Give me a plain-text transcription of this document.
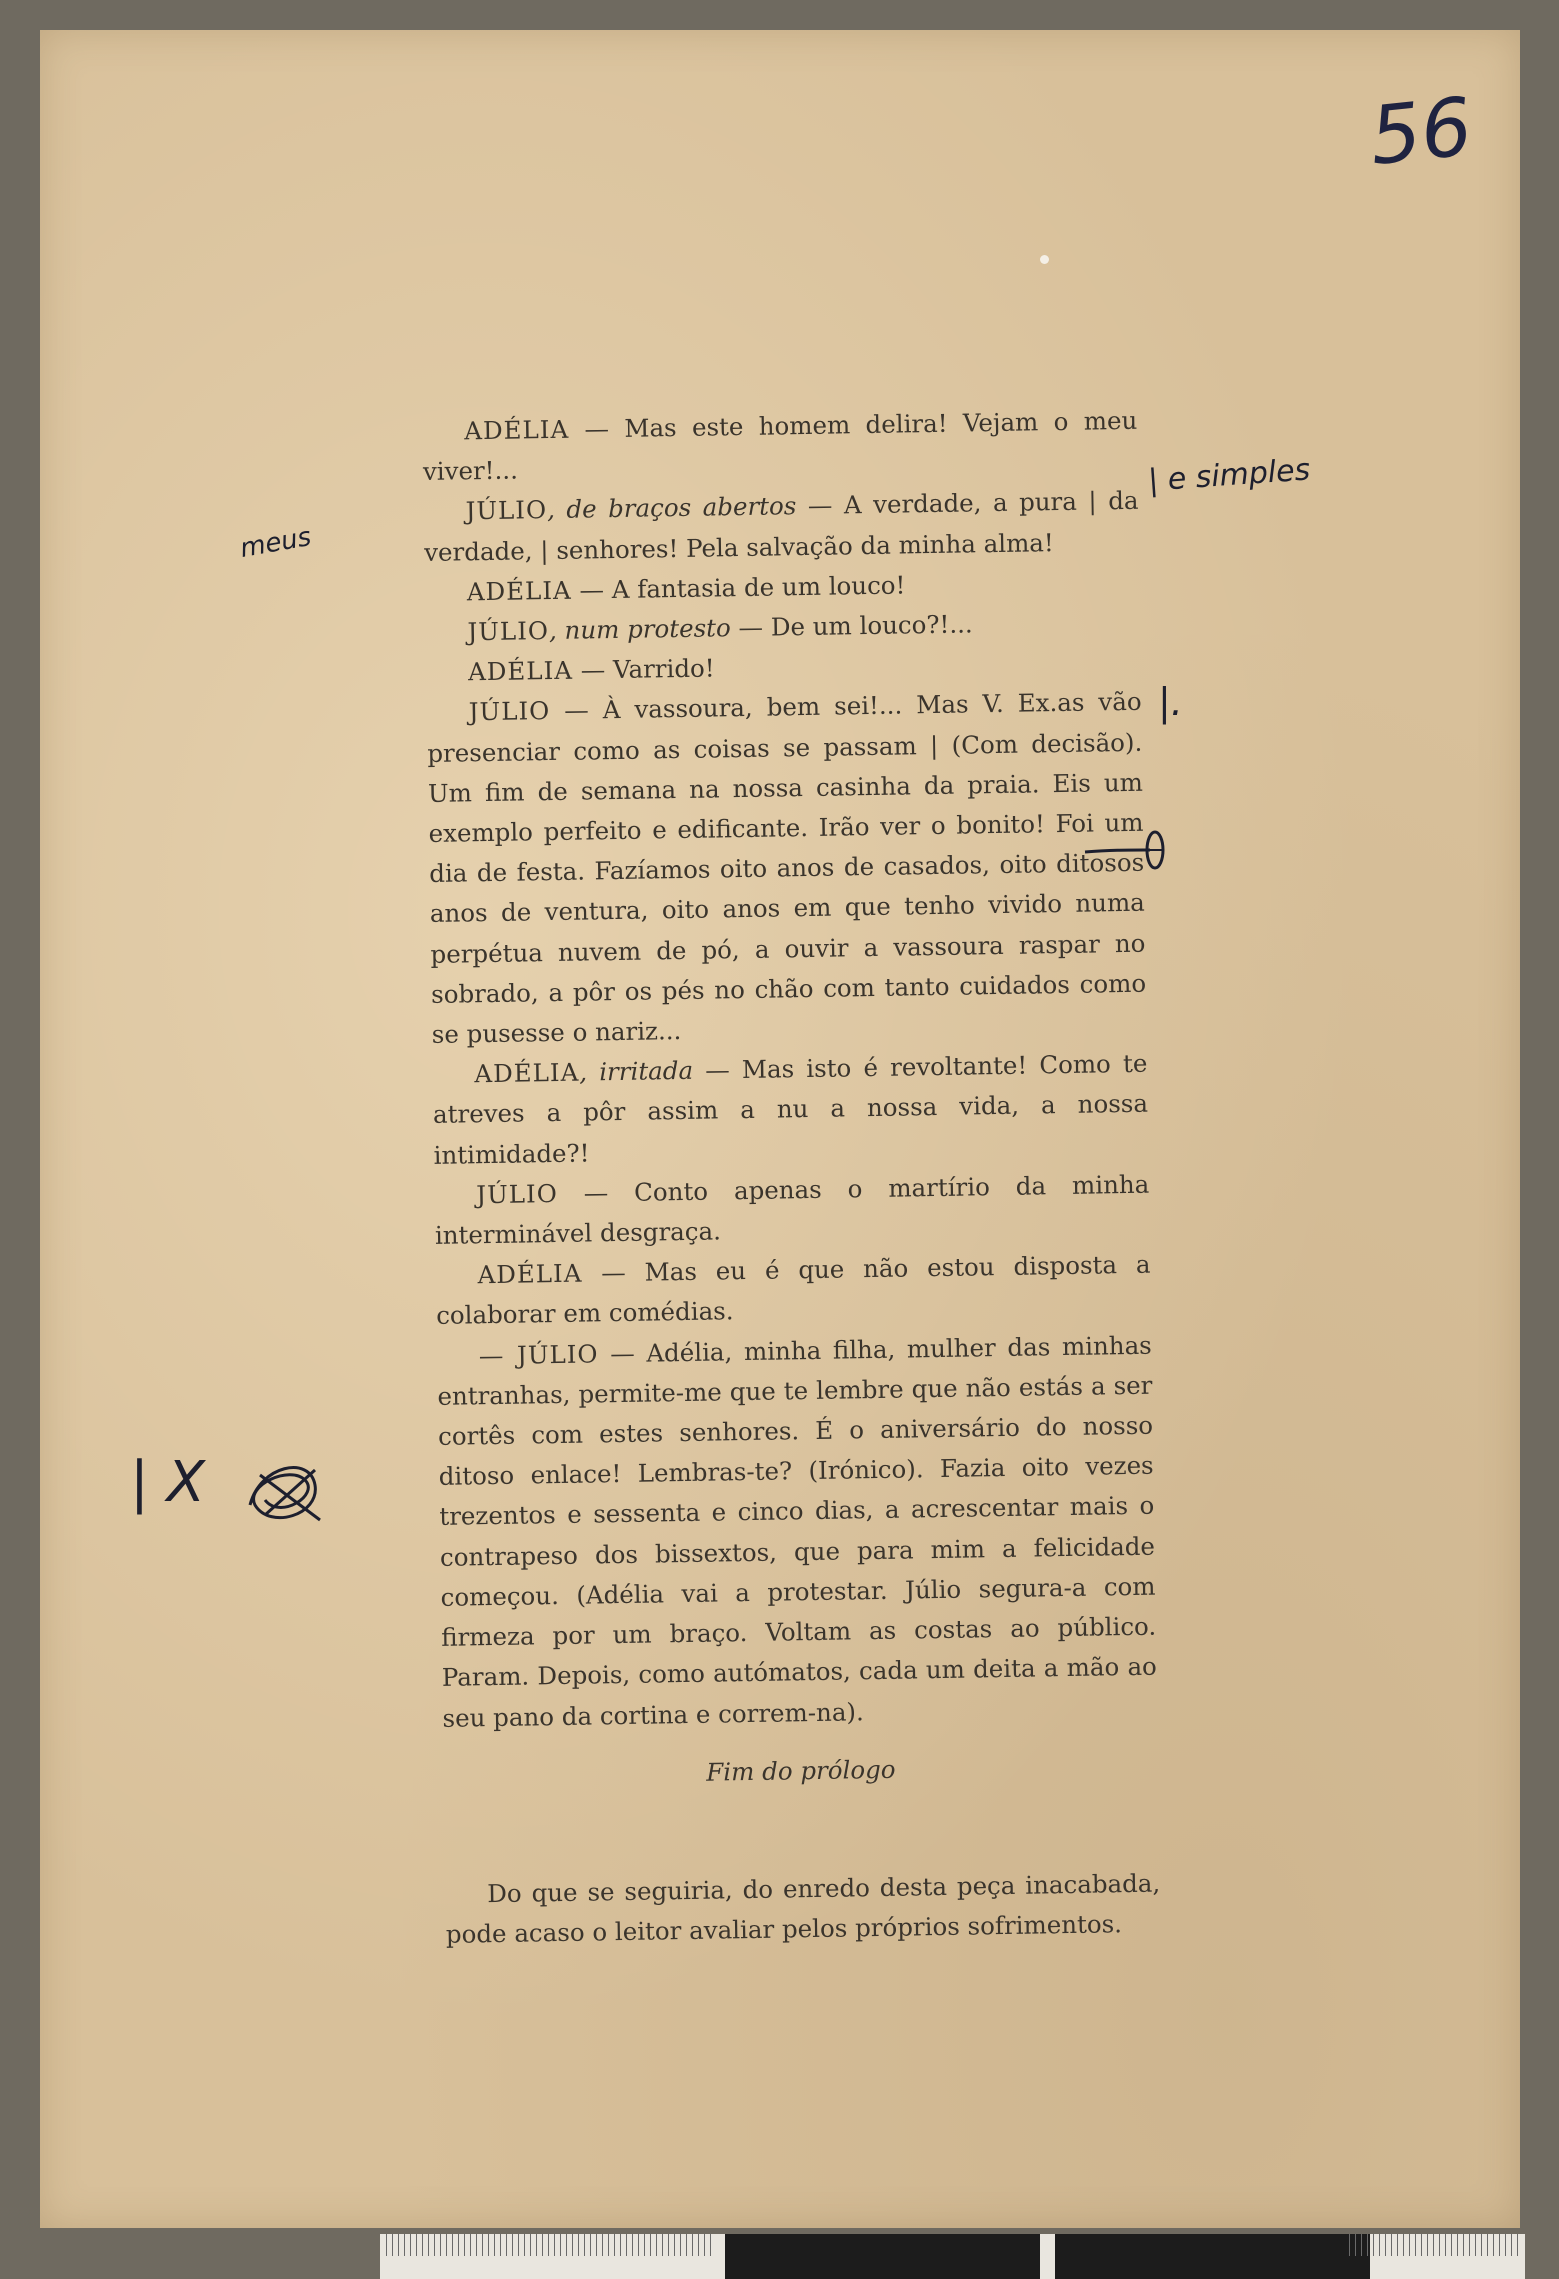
56

ADÉLIA — Mas este homem delira! Vejam o meu viver!...

JÚLIO, de braços abertos — A verdade, a pura | da verdade, | senhores! Pela salvação da minha alma!

ADÉLIA — A fantasia de um louco!

JÚLIO, num protesto — De um louco?!...

ADÉLIA — Varrido!

JÚLIO — À vassoura, bem sei!... Mas V. Ex.as vão presenciar como as coisas se passam | (Com decisão). Um fim de semana na nossa casinha da praia. Eis um exemplo perfeito e edificante. Irão ver o bonito! Foi um dia de festa. Fazíamos oito anos de casados, oito ditosos anos de ventura, oito anos em que tenho vivido numa perpétua nuvem de pó, a ouvir a vassoura raspar no sobrado, a pôr os pés no chão com tanto cuidados como se pusesse o nariz...

ADÉLIA, irritada — Mas isto é revoltante! Como te atreves a pôr assim a nu a nossa vida, a nossa intimidade?!

JÚLIO — Conto apenas o martírio da minha interminável desgraça.

ADÉLIA — Mas eu é que não estou disposta a colaborar em comédias.

— JÚLIO — Adélia, minha filha, mulher das minhas entranhas, permite-me que te lembre que não estás a ser cortês com estes senhores. É o aniversário do nosso ditoso enlace! Lembras-te? (Irónico). Fazia oito vezes trezentos e sessenta e cinco dias, a acrescentar mais o contrapeso dos bissextos, que para mim a felicidade começou. (Adélia vai a protestar. Júlio segura-a com firmeza por um braço. Voltam as costas ao público. Param. Depois, como autómatos, cada um deita a mão ao seu pano da cortina e correm-na).

Fim do prólogo

Do que se seguiria, do enredo desta peça inacabada, pode acaso o leitor avaliar pelos próprios sofrimentos.

meus
| e simples
|.
| X
